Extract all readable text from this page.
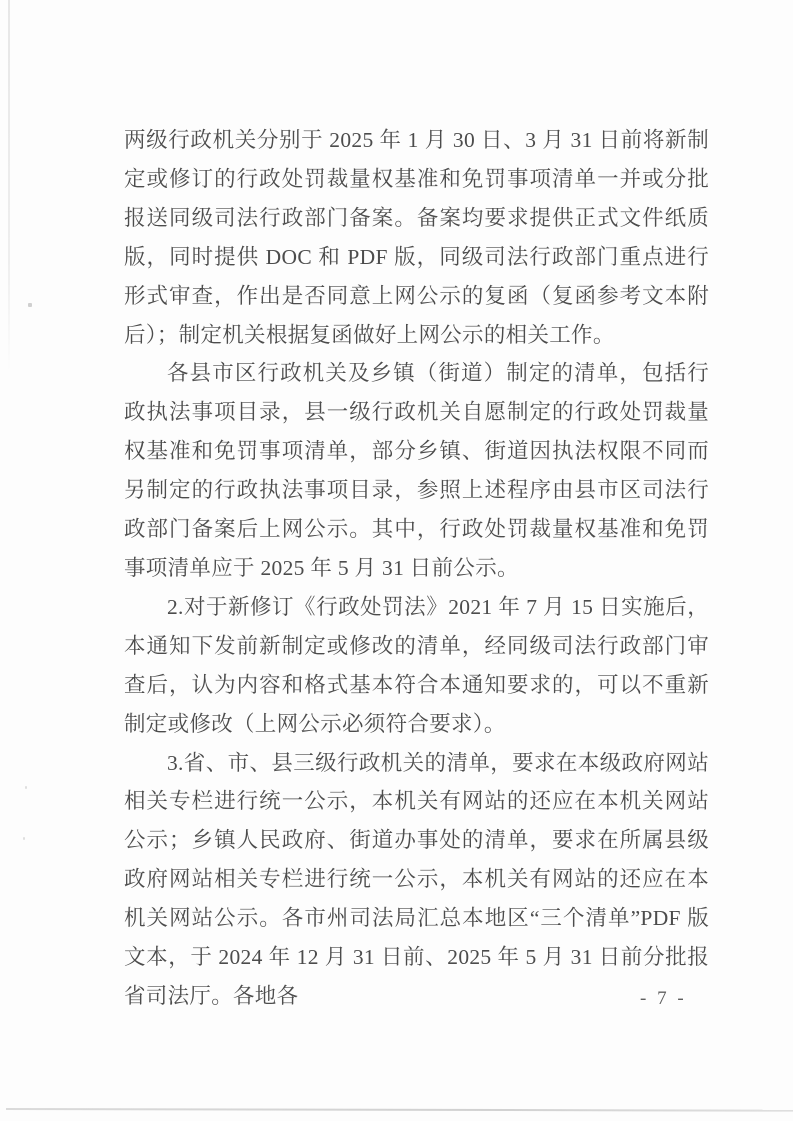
两级行政机关分别于 2025 年 1 月 30 日、3 月 31 日前将新制定或修订的行政处罚裁量权基准和免罚事项清单一并或分批报送同级司法行政部门备案。备案均要求提供正式文件纸质版，同时提供 DOC 和 PDF 版，同级司法行政部门重点进行形式审查，作出是否同意上网公示的复函（复函参考文本附后）；制定机关根据复函做好上网公示的相关工作。

各县市区行政机关及乡镇（街道）制定的清单，包括行政执法事项目录，县一级行政机关自愿制定的行政处罚裁量权基准和免罚事项清单，部分乡镇、街道因执法权限不同而另制定的行政执法事项目录，参照上述程序由县市区司法行政部门备案后上网公示。其中，行政处罚裁量权基准和免罚事项清单应于 2025 年 5 月 31 日前公示。

2.对于新修订《行政处罚法》2021 年 7 月 15 日实施后，本通知下发前新制定或修改的清单，经同级司法行政部门审查后，认为内容和格式基本符合本通知要求的，可以不重新制定或修改（上网公示必须符合要求）。

3.省、市、县三级行政机关的清单，要求在本级政府网站相关专栏进行统一公示，本机关有网站的还应在本机关网站公示；乡镇人民政府、街道办事处的清单，要求在所属县级政府网站相关专栏进行统一公示，本机关有网站的还应在本机关网站公示。各市州司法局汇总本地区“三个清单”PDF 版文本，于 2024 年 12 月 31 日前、2025 年 5 月 31 日前分批报省司法厅。各地各	- 7 -
